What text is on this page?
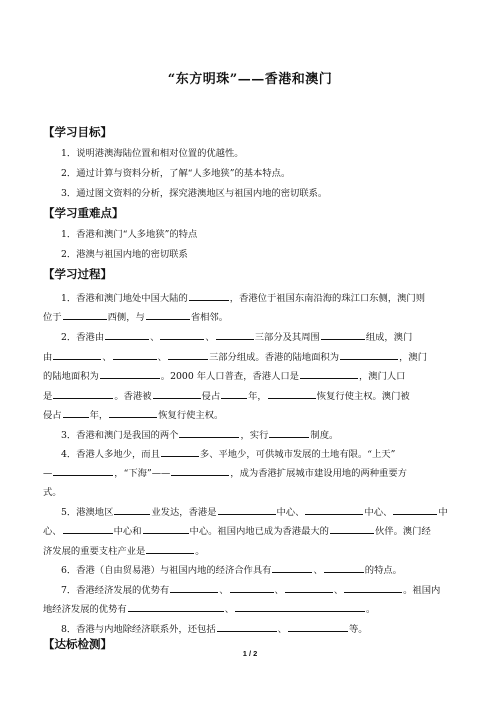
“东方明珠”——香港和澳门
【学习目标】
1．说明港澳海陆位置和相对位置的优越性。
2．通过计算与资料分析，了解“人多地狭”的基本特点。
3．通过图文资料的分析，探究港澳地区与祖国内地的密切联系。
【学习重难点】
1．香港和澳门“人多地狭”的特点
2．港澳与祖国内地的密切联系
【学习过程】
1．香港和澳门地处中国大陆的	，香港位于祖国东南沿海的珠江口东侧，澳门则
位于	西侧，与	省相邻。
2．香港由	、	、	三部分及其周围	组成，澳门
由	、	、	三部分组成。香港的陆地面积为	，澳门
的陆地面积为	。2000 年人口普查，香港人口是	，澳门人口
是	。香港被	侵占	年，	恢复行使主权。澳门被
侵占	年，	恢复行使主权。
3．香港和澳门是我国的两个	，实行	制度。
4．香港人多地少，而且	多、平地少，可供城市发展的土地有限。“上天”
—	，“下海”——	，成为香港扩展城市建设用地的两种重要方
式。
5．港澳地区	业发达，香港是	中心、	中心、	中
心、	中心和	中心。祖国内地已成为香港最大的	伙伴。澳门经
济发展的重要支柱产业是	。
6．香港（自由贸易港）与祖国内地的经济合作具有	、	的特点。
7．香港经济发展的优势有	、	、	、	。祖国内
地经济发展的优势有	、	。
8．香港与内地除经济联系外，还包括	、	等。
【达标检测】
1 / 2
